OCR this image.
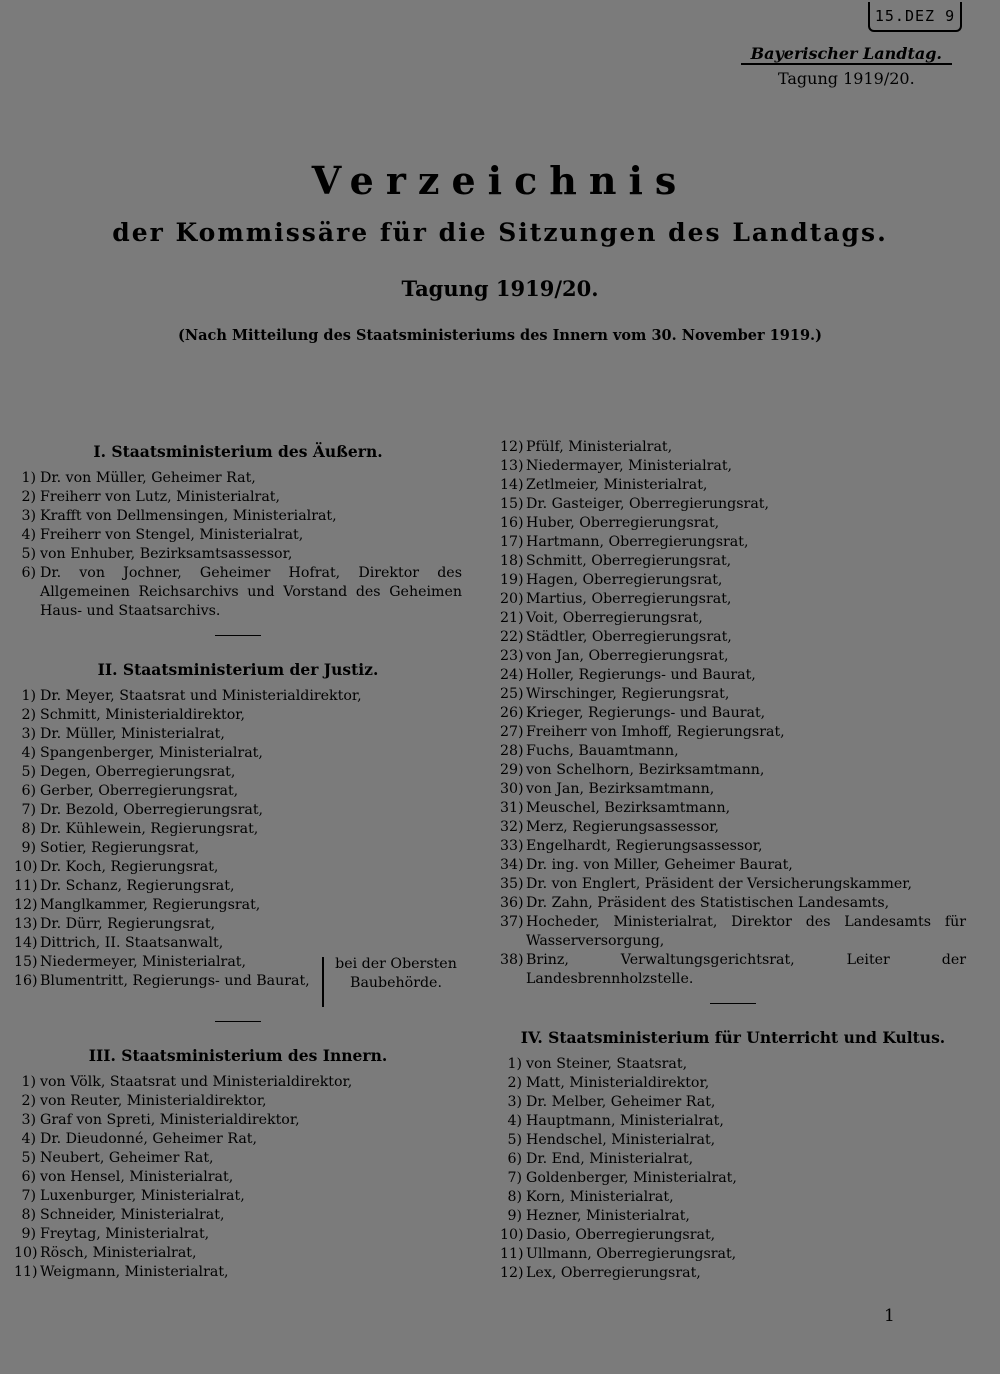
15.DEZ 9
Bayerischer Landtag.
Tagung 1919/20.
Verzeichnis
der Kommissäre für die Sitzungen des Landtags.
Tagung 1919/20.
(Nach Mitteilung des Staatsministeriums des Innern vom 30. November 1919.)
I. Staatsministerium des Äußern.
1) Dr. von Müller, Geheimer Rat,
2) Freiherr von Lutz, Ministerialrat,
3) Krafft von Dellmensingen, Ministerialrat,
4) Freiherr von Stengel, Ministerialrat,
5) von Enhuber, Bezirksamtsassessor,
6) Dr. von Jochner, Geheimer Hofrat, Direktor des Allgemeinen Reichsarchivs und Vorstand des Geheimen Haus- und Staatsarchivs.
II. Staatsministerium der Justiz.
1) Dr. Meyer, Staatsrat und Ministerialdirektor,
2) Schmitt, Ministerialdirektor,
3) Dr. Müller, Ministerialrat,
4) Spangenberger, Ministerialrat,
5) Degen, Oberregierungsrat,
6) Gerber, Oberregierungsrat,
7) Dr. Bezold, Oberregierungsrat,
8) Dr. Kühlewein, Regierungsrat,
9) Sotier, Regierungsrat,
10) Dr. Koch, Regierungsrat,
11) Dr. Schanz, Regierungsrat,
12) Manglkammer, Regierungsrat,
13) Dr. Dürr, Regierungsrat,
14) Dittrich, II. Staatsanwalt,
15) Niedermeyer, Ministerialrat,
16) Blumentritt, Regierungs- und Baurat,
bei der Obersten Baubehörde.
III. Staatsministerium des Innern.
1) von Völk, Staatsrat und Ministerialdirektor,
2) von Reuter, Ministerialdirektor,
3) Graf von Spreti, Ministerialdirektor,
4) Dr. Dieudonné, Geheimer Rat,
5) Neubert, Geheimer Rat,
6) von Hensel, Ministerialrat,
7) Luxenburger, Ministerialrat,
8) Schneider, Ministerialrat,
9) Freytag, Ministerialrat,
10) Rösch, Ministerialrat,
11) Weigmann, Ministerialrat,
12) Pfülf, Ministerialrat,
13) Niedermayer, Ministerialrat,
14) Zetlmeier, Ministerialrat,
15) Dr. Gasteiger, Oberregierungsrat,
16) Huber, Oberregierungsrat,
17) Hartmann, Oberregierungsrat,
18) Schmitt, Oberregierungsrat,
19) Hagen, Oberregierungsrat,
20) Martius, Oberregierungsrat,
21) Voit, Oberregierungsrat,
22) Städtler, Oberregierungsrat,
23) von Jan, Oberregierungsrat,
24) Holler, Regierungs- und Baurat,
25) Wirschinger, Regierungsrat,
26) Krieger, Regierungs- und Baurat,
27) Freiherr von Imhoff, Regierungsrat,
28) Fuchs, Bauamtmann,
29) von Schelhorn, Bezirksamtmann,
30) von Jan, Bezirksamtmann,
31) Meuschel, Bezirksamtmann,
32) Merz, Regierungsassessor,
33) Engelhardt, Regierungsassessor,
34) Dr. ing. von Miller, Geheimer Baurat,
35) Dr. von Englert, Präsident der Versicherungskammer,
36) Dr. Zahn, Präsident des Statistischen Landesamts,
37) Hocheder, Ministerialrat, Direktor des Landesamts für Wasserversorgung,
38) Brinz, Verwaltungsgerichtsrat, Leiter der Landesbrennholzstelle.
IV. Staatsministerium für Unterricht und Kultus.
1) von Steiner, Staatsrat,
2) Matt, Ministerialdirektor,
3) Dr. Melber, Geheimer Rat,
4) Hauptmann, Ministerialrat,
5) Hendschel, Ministerialrat,
6) Dr. End, Ministerialrat,
7) Goldenberger, Ministerialrat,
8) Korn, Ministerialrat,
9) Hezner, Ministerialrat,
10) Dasio, Oberregierungsrat,
11) Ullmann, Oberregierungsrat,
12) Lex, Oberregierungsrat,
1
